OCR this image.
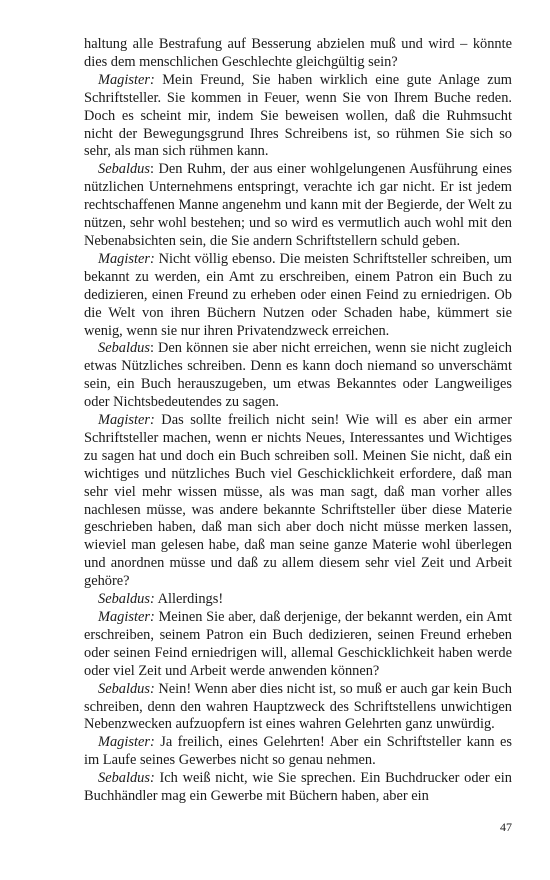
haltung alle Bestrafung auf Besserung abzielen muß und wird – könnte dies dem menschlichen Geschlechte gleichgültig sein?

Magister: Mein Freund, Sie haben wirklich eine gute Anlage zum Schriftsteller. Sie kommen in Feuer, wenn Sie von Ihrem Buche reden. Doch es scheint mir, indem Sie beweisen wollen, daß die Ruhmsucht nicht der Bewegungsgrund Ihres Schreibens ist, so rühmen Sie sich so sehr, als man sich rühmen kann.

Sebaldus: Den Ruhm, der aus einer wohlgelungenen Ausführung eines nützlichen Unternehmens entspringt, verachte ich gar nicht. Er ist jedem rechtschaffenen Manne angenehm und kann mit der Begierde, der Welt zu nützen, sehr wohl bestehen; und so wird es vermutlich auch wohl mit den Nebenabsichten sein, die Sie andern Schriftstellern schuld geben.

Magister: Nicht völlig ebenso. Die meisten Schriftsteller schreiben, um bekannt zu werden, ein Amt zu erschreiben, einem Patron ein Buch zu dedizieren, einen Freund zu erheben oder einen Feind zu erniedrigen. Ob die Welt von ihren Büchern Nutzen oder Schaden habe, kümmert sie wenig, wenn sie nur ihren Privatendzweck erreichen.

Sebaldus: Den können sie aber nicht erreichen, wenn sie nicht zugleich etwas Nützliches schreiben. Denn es kann doch niemand so unverschämt sein, ein Buch herauszugeben, um etwas Bekanntes oder Langweiliges oder Nichtsbedeutendes zu sagen.

Magister: Das sollte freilich nicht sein! Wie will es aber ein armer Schriftsteller machen, wenn er nichts Neues, Interessantes und Wichtiges zu sagen hat und doch ein Buch schreiben soll. Meinen Sie nicht, daß ein wichtiges und nützliches Buch viel Geschicklichkeit erfordere, daß man sehr viel mehr wissen müsse, als was man sagt, daß man vorher alles nachlesen müsse, was andere bekannte Schriftsteller über diese Materie geschrieben haben, daß man sich aber doch nicht müsse merken lassen, wieviel man gelesen habe, daß man seine ganze Materie wohl überlegen und anordnen müsse und daß zu allem diesem sehr viel Zeit und Arbeit gehöre?

Sebaldus: Allerdings!

Magister: Meinen Sie aber, daß derjenige, der bekannt werden, ein Amt erschreiben, seinem Patron ein Buch dedizieren, seinen Freund erheben oder seinen Feind erniedrigen will, allemal Geschicklichkeit haben werde oder viel Zeit und Arbeit werde anwenden können?

Sebaldus: Nein! Wenn aber dies nicht ist, so muß er auch gar kein Buch schreiben, denn den wahren Hauptzweck des Schriftstellens unwichtigen Nebenzwecken aufzuopfern ist eines wahren Gelehrten ganz unwürdig.

Magister: Ja freilich, eines Gelehrten! Aber ein Schriftsteller kann es im Laufe seines Gewerbes nicht so genau nehmen.

Sebaldus: Ich weiß nicht, wie Sie sprechen. Ein Buchdrucker oder ein Buchhändler mag ein Gewerbe mit Büchern haben, aber ein

47
